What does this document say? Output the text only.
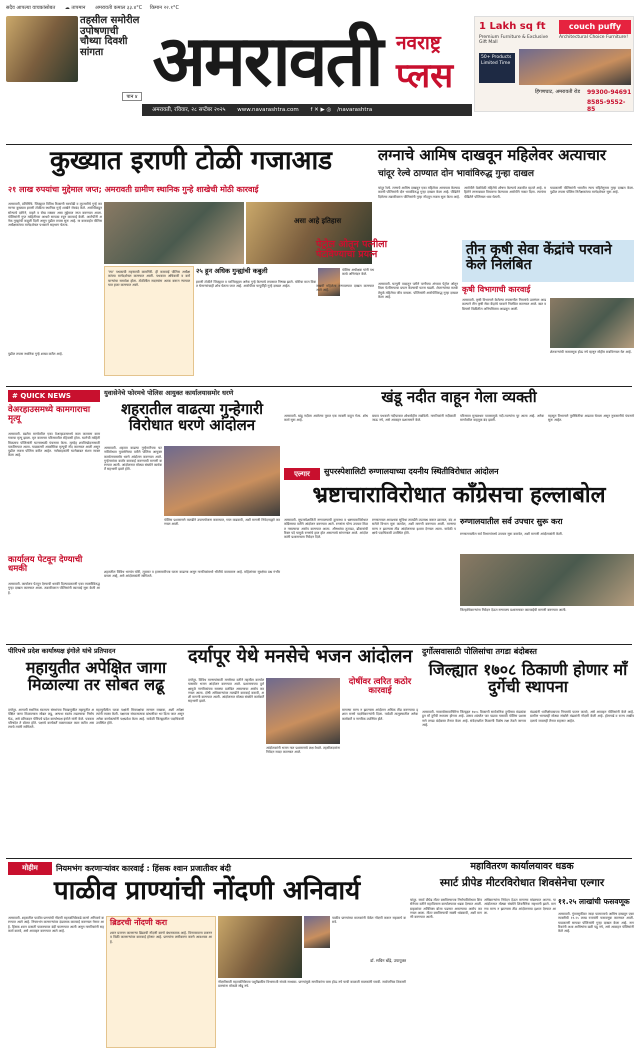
सदैव आपल्या वाचकांसोबत ☁ तापमान अमरावती कमाल ३३.४°C किमान २२.१°C
तहसील समोरील उपोषणाची चौथ्या दिवशी सांगता
पान ४ अमरावती नवराष्ट्र
प्लस
1 Lakh sq ft	couch puffy
Premium Furniture & Exclusive Gift Mall
Architectural Choice Furniture!
50+ Products Limited Time
हिंगणघाट, अमरावती रोड	99300-94691
8585-9552-85
अमरावती, रविवार, २८ सप्टेंबर २०२५ www.navarashtra.com f ✕ ▶ ◎ /navarashtra
कुख्यात इराणी टोळी गजाआड
२१ लाख रुपयांचा मुद्देमाल जप्त; अमरावती ग्रामीण स्थानिक गुन्हे शाखेची मोठी कारवाई
अमरावती, प्रतिनिधि. जिल्ह्यात विविध ठिकाणी घरफोडी व लूटमारीचे गुन्हे करणाऱ्या कुख्यात इराणी टोळीला स्थानिक गुन्हे शाखेने जेरबंद केले. आरोपींकडून सोन्याचे दागिने, वाहने व रोख रक्कम असा मुद्देमाल जप्त करण्यात आला. पोलिसांनी गुप्त माहितीच्या आधारे सापळा रचून कारवाई केली. आरोपींनी अनेक गुन्ह्यांची कबुली दिली असून पुढील तपास सुरू आहे. या कारवाईत पोलिस अधीक्षकांच्या मार्गदर्शनात पथकाने सहभाग घेतला.
असा आहे इतिहास
'त्या' पथकाची महत्त्वाची कामगिरी. ही कारवाई पोलिस अधीक्षकांच्या मार्गदर्शनात करण्यात आली. पथकात अधिकारी व कर्मचाऱ्यांचा समावेश होता. टोळीतील सदस्यांना अटक करून न्यायालयात हजर करण्यात आले.
२५ हून अधिक गुन्ह्यांची कबुली
इराणी टोळीने जिल्ह्यात व परजिल्ह्यात अनेक गुन्हे केल्याचे तपासात निष्पन्न झाले. चोरीचा माल विकत घेणाऱ्यांचाही शोध घेतला जात आहे. आरोपींवर यापूर्वीही गुन्हे दाखल आहेत.
पोलिस अधीक्षक यांनी पथकाचे अभिनंदन केले.
पुढील तपास स्थानिक गुन्हे शाखा करीत आहे.
लग्नाचे आमिष दाखवून महिलेवर अत्याचार
चांदूर रेल्वे ठाण्यात दोन भावांविरुद्ध गुन्हा दाखल
चांदूर रेल्वे. लग्नाचे आमिष दाखवून एका महिलेवर अत्याचार केल्याप्रकरणी पोलिसांनी दोन भावांविरुद्ध गुन्हा दाखल केला आहे. पीडितेने दिलेल्या तक्रारीवरून पोलिसांनी गुन्हा नोंदवून तपास सुरू केला आहे.
आरोपीने वेळोवेळी महिलेचे शोषण केल्याचे तक्रारीत म्हटले आहे. महिलेने लग्नाबाबत विचारणा केल्यावर आरोपीने नकार दिला. त्यानंतर पीडितेने पोलिसात धाव घेतली.
याप्रकरणी पोलिसांनी भारतीय न्याय संहितेनुसार गुन्हा दाखल केला. पुढील तपास पोलिस निरीक्षकांच्या मार्गदर्शनात सुरू आहे.
पेट्रोल ओतून पत्नीला पेटविण्याचा प्रयत्न
अमरावती. घरगुती वादातून पतीने पत्नीच्या अंगावर पेट्रोल ओतून तिला पेटविण्याचा प्रयत्न केल्याची घटना घडली. शेजाऱ्यांच्या सतर्कतेमुळे महिलेचा जीव वाचला. पोलिसांनी आरोपीविरुद्ध गुन्हा दाखल केला आहे.
जखमी महिलेला रुग्णालयात दाखल करण्यात आले आहे.
तीन कृषी सेवा केंद्रांचे परवाने केले निलंबित
कृषी विभागाची कारवाई
अमरावती. कृषी विभागाने केलेल्या तपासणीत नियमांचे उल्लंघन आढळल्याने तीन कृषी सेवा केंद्रांचे परवाने निलंबित करण्यात आले. खत व बियाणे विक्रीतील अनियमितता आढळून आली.
शेतकऱ्यांची फसवणूक होऊ नये म्हणून मोहीम राबविण्यात येत आहे.
# QUICK NEWS
वेअरहाउसमध्ये कामगाराचा मृत्यू
अमरावती. बडनेरा मार्गावरील एका वेअरहाउसमध्ये काम करताना कामगाराचा मृत्यू झाला. मृत कामगार परिसरातील रहिवासी होता. घटनेची माहिती मिळताच पोलिसांनी घटनास्थळी पंचनामा केला. मृतदेह शवविच्छेदनासाठी पाठविण्यात आला. याप्रकरणी आकस्मिक मृत्यूची नोंद करण्यात आली असून पुढील तपास पोलिस करीत आहेत. नातेवाइकांनी घटनेबाबत संशय व्यक्त केला आहे.
कार्यालय पेटवून देण्याची धमकी
अमरावती. कार्यालय पेटवून देण्याची धमकी दिल्याप्रकरणी एका व्यक्तीविरुद्ध गुन्हा दाखल करण्यात आला. तक्रारीवरून पोलिसांनी कारवाई सुरू केली आहे.
युवासेनेचे फोरमचे पोलिस आयुक्त कार्यालयासमोर धरणे
शहरातील वाढत्या गुन्हेगारी विरोधात धरणे आंदोलन
अमरावती. शहरात वाढत्या गुन्हेगारीच्या घटनांविरोधात युवासेनेच्या वतीने पोलिस आयुक्त कार्यालयासमोर धरणे आंदोलन करण्यात आले. गुन्हेगारांवर कठोर कारवाई करण्याची मागणी करण्यात आली. आंदोलनात मोठ्या संख्येने कार्यकर्ते सहभागी झाले होते.
पोलिस प्रशासनाने तातडीने उपाययोजना कराव्यात, गस्त वाढवावी, अशी मागणी निवेदनाद्वारे करण्यात आली.
शहरातील विविध भागांत चोरी, लूटमार व हाणामारीच्या घटना वाढल्या असून नागरिकांमध्ये भीतीचे वातावरण आहे. महिलांच्या सुरक्षेचा प्रश्न गंभीर बनला आहे, असे आंदोलकांनी सांगितले.
खंडू नदीत वाहून गेला व्यक्ती
अमरावती. खंडू नदीला आलेल्या पुरात एक व्यक्ती वाहून गेला. शोधकार्य सुरू आहे.
बचाव पथकाने नदीपात्रात शोधमोहीम राबविली. नागरिकांनी नदीकाठी जाऊ नये, असे आवाहन प्रशासनाने केले.
परिसरात मुसळधार पावसामुळे नदी-नाल्यांना पूर आला आहे. अनेक मार्गांवरील वाहतूक बंद झाली.
महसूल विभागाने पूरस्थितीचा आढावा घेतला असून नुकसानीचे पंचनामे सुरू आहेत.
एल्गार	सुपरस्पेशालिटी रुग्णालयाच्या दयनीय स्थितीविरोधात आंदोलन
भ्रष्टाचाराविरोधात काँग्रेसचा हल्लाबोल
अमरावती. सुपरस्पेशालिटी रुग्णालयाची दुरवस्था व भ्रष्टाचाराविरोधात काँग्रेसच्या वतीने आंदोलन करण्यात आले. रुग्णांना योग्य उपचार मिळत नसल्याचा आरोप करण्यात आला. औषधांचा तुटवडा, डॉक्टरांची रिक्त पदे यामुळे रुग्णांचे हाल होत असल्याचे सांगण्यात आले. आंदोलकांनी प्रशासनाला निवेदन दिले.
रुग्णालयात आवश्यक सुविधा तातडीने उपलब्ध करून द्याव्यात, बंद असलेले विभाग सुरू करावेत, अशी मागणी करण्यात आली. मागण्या मान्य न झाल्यास तीव्र आंदोलनाचा इशारा देण्यात आला. यावेळी पक्षाचे पदाधिकारी उपस्थित होते.
रुग्णालयातील सर्व उपचार सुरू करा
रुग्णालयातील सर्व विभागांमध्ये उपचार सुरू करावेत, अशी मागणी आंदोलकांनी केली.
जिल्हाधिकाऱ्यांना निवेदन देऊन रुग्णालय प्रशासनावर कारवाईची मागणी करण्यात आली.
पीरिपचे प्रदेश कार्याध्यक्ष इंगोले यांचे प्रतिपादन
महायुतीत अपेक्षित जागा मिळाल्या तर सोबत लढू
दर्यापूर. आगामी स्थानिक स्वराज्य संस्थांच्या निवडणुकीत महायुतीत अपेक्षित जागा मिळाल्यास सोबत लढू, अन्यथा स्वतंत्र लढण्याचा निर्णय घेऊ, असे प्रतिपादन पीरिपचे प्रदेश कार्याध्यक्ष इंगोले यांनी केले. पत्रकार परिषदेत ते बोलत होते. पक्षाचे कार्यकर्ते तळागाळात काम करीत असल्याचे त्यांनी सांगितले.
महायुतीतील घटक पक्षांनी मित्रपक्षांचा सन्मान राखावा, अशी अपेक्षा त्यांनी व्यक्त केली. पक्षाच्या संघटनात्मक बांधणीवर भर दिला जात असून अनेक कार्यकर्त्यांनी पक्षप्रवेश केला आहे. यावेळी जिल्ह्यातील पदाधिकारी उपस्थित होते.
दर्यापूर येथे मनसेचे भजन आंदोलन
दर्यापूर. विविध मागण्यांसाठी मनसेच्या वतीने तहसील कार्यालयासमोर भजन आंदोलन करण्यात आले. प्रशासनाच्या दुर्लक्षामुळे नागरिकांच्या समस्या प्रलंबित असल्याचा आरोप करण्यात आला. दोषी अधिकाऱ्यांवर तातडीने कारवाई करावी, अशी मागणी करण्यात आली. आंदोलनात मोठ्या संख्येने कार्यकर्ते सहभागी झाले.
आंदोलकांनी भजन गात प्रशासनाचे लक्ष वेधले. तहसीलदारांना निवेदन सादर करण्यात आले.
दोषींवर त्वरित कठोर कारवाई
मागण्या मान्य न झाल्यास आंदोलन अधिक तीव्र करण्याचा इशारा मनसे पदाधिकाऱ्यांनी दिला. यावेळी तालुक्यातील अनेक कार्यकर्ते व नागरिक उपस्थित होते.
दुर्गोत्सवासाठी पोलिसांचा तगडा बंदोबस्त
जिल्ह्यात १७०८ ठिकाणी होणार माँ दुर्गेची स्थापना
अमरावती. नवरात्रोत्सवानिमित्त जिल्ह्यात १७०८ ठिकाणी सार्वजनिक दुर्गोत्सव मंडळांकडून माँ दुर्गेची स्थापना होणार आहे. उत्सव शांततेत पार पडावा यासाठी पोलिस प्रशासनाने तगडा बंदोबस्त तैनात केला आहे. संवेदनशील ठिकाणी विशेष लक्ष ठेवले जाणार आहे.
मंडळांनी ध्वनिक्षेपकाच्या नियमांचे पालन करावे, असे आवाहन पोलिसांनी केले आहे. ग्रामीण भागातही मोठ्या संख्येने मंडळांनी नोंदणी केली आहे. होमगार्ड व राज्य राखीव दलाचे जवानही तैनात राहणार आहेत.
मोहीम	नियमभंग करणाऱ्यांवर कारवाई : हिंसक श्वान प्रजातीवर बंदी
पाळीव प्राण्यांची नोंदणी अनिवार्य
अमरावती. शहरातील पाळीव प्राण्यांची नोंदणी महापालिकेकडे करणे अनिवार्य करण्यात आले आहे. नियमभंग करणाऱ्यांवर दंडात्मक कारवाई करण्यात येणार आहे. हिंसक श्वान प्रजाती पाळण्यावर बंदी घालण्यात आली असून नागरिकांनी सहकार्य करावे, असे आवाहन करण्यात आले आहे.
ब्रिडरची नोंदणी करा
श्वान प्रजनन करणाऱ्या ब्रिडरची नोंदणी करणे बंधनकारक आहे. विनापरवाना प्रजनन व विक्री करणाऱ्यांवर कारवाई होणार आहे. प्राण्यांना लसीकरण करणे आवश्यक आहे.
पाळीव प्राण्यांच्या मालकांनी वेळेत नोंदणी करून सहकार्य करावे.
डॉ. सचिन बोंद्रे, उपायुक्त
नोंदणीसाठी महापालिकेच्या पशुवैद्यकीय विभागाशी संपर्क साधावा. प्राण्यांमुळे नागरिकांना त्रास होऊ नये याची काळजी मालकांनी घ्यावी. सार्वजनिक ठिकाणी प्राण्यांना मोकळे सोडू नये.
महावितरण कार्यालयावर धडक
स्मार्ट प्रीपेड मीटरविरोधात शिवसेनेचा एल्गार
चांदूर. स्मार्ट प्रीपेड मीटर बसविण्याच्या निर्णयाविरोधात शिवसेनेच्या वतीने महावितरण कार्यालयावर धडक देण्यात आली. ग्राहकांवर अतिरिक्त बोजा पडणार असल्याचा आरोप करण्यात आला. मीटर बसविण्याची सक्ती थांबवावी, अशी मागणी करण्यात आली.
अधिकाऱ्यांना निवेदन देऊन मागण्या मांडण्यात आल्या. या आंदोलनात मोठ्या संख्येने शिवसैनिक सहभागी झाले. मागण्या मान्य न झाल्यास तीव्र आंदोलनाचा इशारा देण्यात आला.
११.२५ लाखांची फसवणूक
अमरावती. गुंतवणुकीवर जादा परताव्याचे आमिष दाखवून एका व्यक्तीची ११.२५ लाख रुपयांनी फसवणूक करण्यात आली. याप्रकरणी सायबर पोलिसांनी गुन्हा दाखल केला आहे. नागरिकांनी अशा आमिषांना बळी पडू नये, असे आवाहन पोलिसांनी केले आहे.
